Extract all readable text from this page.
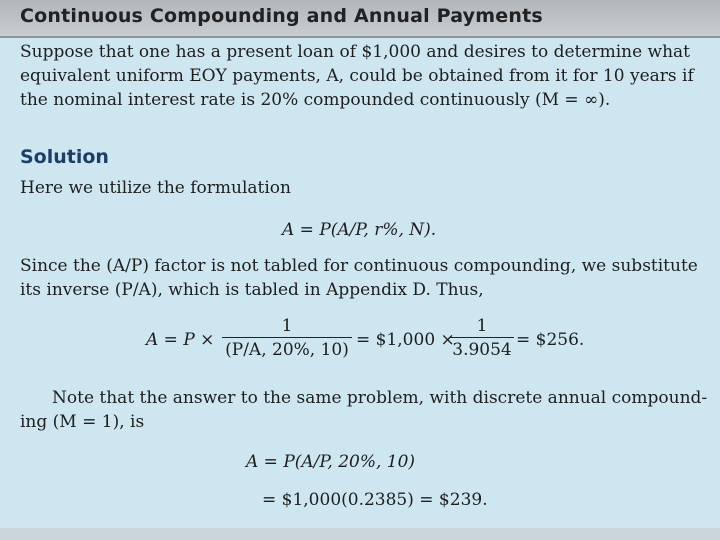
Continuous Compounding and Annual Payments
Suppose that one has a present loan of $1,000 and desires to determine what equivalent uniform EOY payments, A, could be obtained from it for 10 years if the nominal interest rate is 20% compounded continuously (M = ∞).
Solution
Here we utilize the formulation
A = P(A/P, r%, N).
Since the (A/P) factor is not tabled for continuous compounding, we substitute
its inverse (P/A), which is tabled in Appendix D. Thus,
$A = P \times \frac{1}{(P/A, 20\%, 10)}$ = $1,000 ×
$\frac{1}{3.9054}$ = $256.
Note that the answer to the same problem, with discrete annual compound-
ing (M = 1), is
A = P(A/P, 20%, 10)
= $1,000(0.2385) = $239.
